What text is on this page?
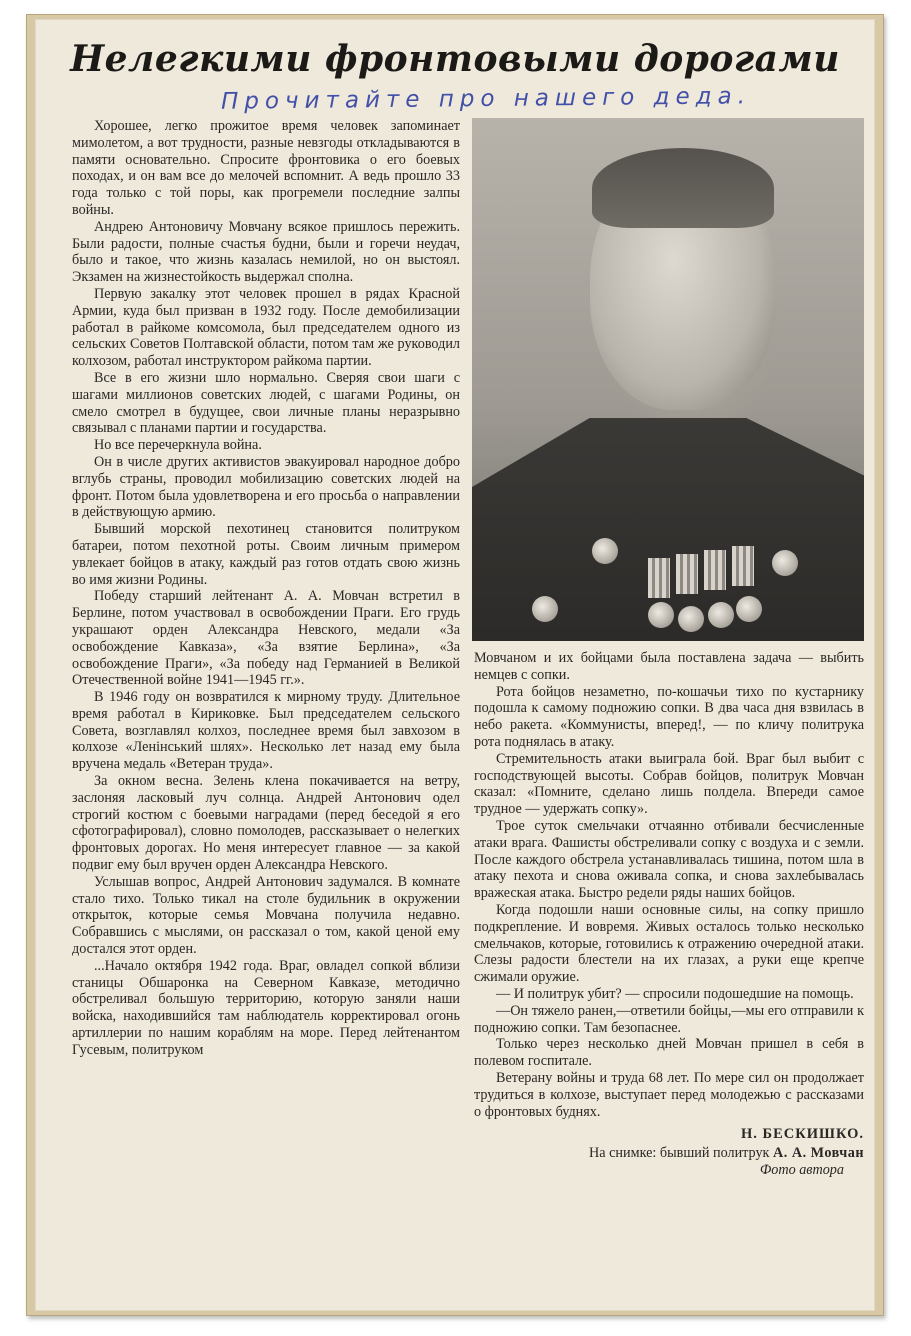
Нелегкими фронтовыми дорогами
Прочитайте про нашего деда.

Хорошее, легко прожитое время человек запоминает мимолетом, а вот трудности, разные невзгоды откладываются в памяти основательно. Спросите фронтовика о его боевых походах, и он вам все до мелочей вспомнит. А ведь прошло 33 года только с той поры, как прогремели последние залпы войны.

Андрею Антоновичу Мовчану всякое пришлось пережить. Были радости, полные счастья будни, были и горечи неудач, было и такое, что жизнь казалась немилой, но он выстоял. Экзамен на жизнестойкость выдержал сполна.

Первую закалку этот человек прошел в рядах Красной Армии, куда был призван в 1932 году. После демобилизации работал в райкоме комсомола, был председателем одного из сельских Советов Полтавской области, потом там же руководил колхозом, работал инструктором райкома партии.

Все в его жизни шло нормально. Сверяя свои шаги с шагами миллионов советских людей, с шагами Родины, он смело смотрел в будущее, свои личные планы неразрывно связывал с планами партии и государства.

Но все перечеркнула война.

Он в числе других активистов эвакуировал народное добро вглубь страны, проводил мобилизацию советских людей на фронт. Потом была удовлетворена и его просьба о направлении в действующую армию.

Бывший морской пехотинец становится политруком батареи, потом пехотной роты. Своим личным примером увлекает бойцов в атаку, каждый раз готов отдать свою жизнь во имя жизни Родины.

Победу старший лейтенант А. А. Мовчан встретил в Берлине, потом участвовал в освобождении Праги. Его грудь украшают орден Александра Невского, медали «За освобождение Кавказа», «За взятие Берлина», «За освобождение Праги», «За победу над Германией в Великой Отечественной войне 1941—1945 гг.».

В 1946 году он возвратился к мирному труду. Длительное время работал в Кириковке. Был председателем сельского Совета, возглавлял колхоз, последнее время был завхозом в колхозе «Ленінський шлях». Несколько лет назад ему была вручена медаль «Ветеран труда».

За окном весна. Зелень клена покачивается на ветру, заслоняя ласковый луч солнца. Андрей Антонович одел строгий костюм с боевыми наградами (перед беседой я его сфотографировал), словно помолодев, рассказывает о нелегких фронтовых дорогах. Но меня интересует главное — за какой подвиг ему был вручен орден Александра Невского.

Услышав вопрос, Андрей Антонович задумался. В комнате стало тихо. Только тикал на столе будильник в окружении открыток, которые семья Мовчана получила недавно. Собравшись с мыслями, он рассказал о том, какой ценой ему достался этот орден.

...Начало октября 1942 года. Враг, овладел сопкой вблизи станицы Обшаронка на Северном Кавказе, методично обстреливал большую территорию, которую заняли наши войска, находившийся там наблюдатель корректировал огонь артиллерии по нашим кораблям на море. Перед лейтенантом Гусевым, политруком

Мовчаном и их бойцами была поставлена задача — выбить немцев с сопки.

Рота бойцов незаметно, по-кошачьи тихо по кустарнику подошла к самому подножию сопки. В два часа дня взвилась в небо ракета. «Коммунисты, вперед!, — по кличу политрука рота поднялась в атаку.

Стремительность атаки выиграла бой. Враг был выбит с господствующей высоты. Собрав бойцов, политрук Мовчан сказал: «Помните, сделано лишь полдела. Впереди самое трудное — удержать сопку».

Трое суток смельчаки отчаянно отбивали бесчисленные атаки врага. Фашисты обстреливали сопку с воздуха и с земли. После каждого обстрела устанавливалась тишина, потом шла в атаку пехота и снова оживала сопка, и снова захлебывалась вражеская атака. Быстро редели ряды наших бойцов.

Когда подошли наши основные силы, на сопку пришло подкрепление. И вовремя. Живых осталось только несколько смельчаков, которые, готовились к отражению очередной атаки. Слезы радости блестели на их глазах, а руки еще крепче сжимали оружие.

— И политрук убит? — спросили подошедшие на помощь.

—Он тяжело ранен,—ответили бойцы,—мы его отправили к подножию сопки. Там безопаснее.

Только через несколько дней Мовчан пришел в себя в полевом госпитале.

Ветерану войны и труда 68 лет. По мере сил он продолжает трудиться в колхозе, выступает перед молодежью с рассказами о фронтовых буднях.

Н. БЕСКИШКО.
На снимке: бывший политрук А. А. Мовчан
Фото автора
